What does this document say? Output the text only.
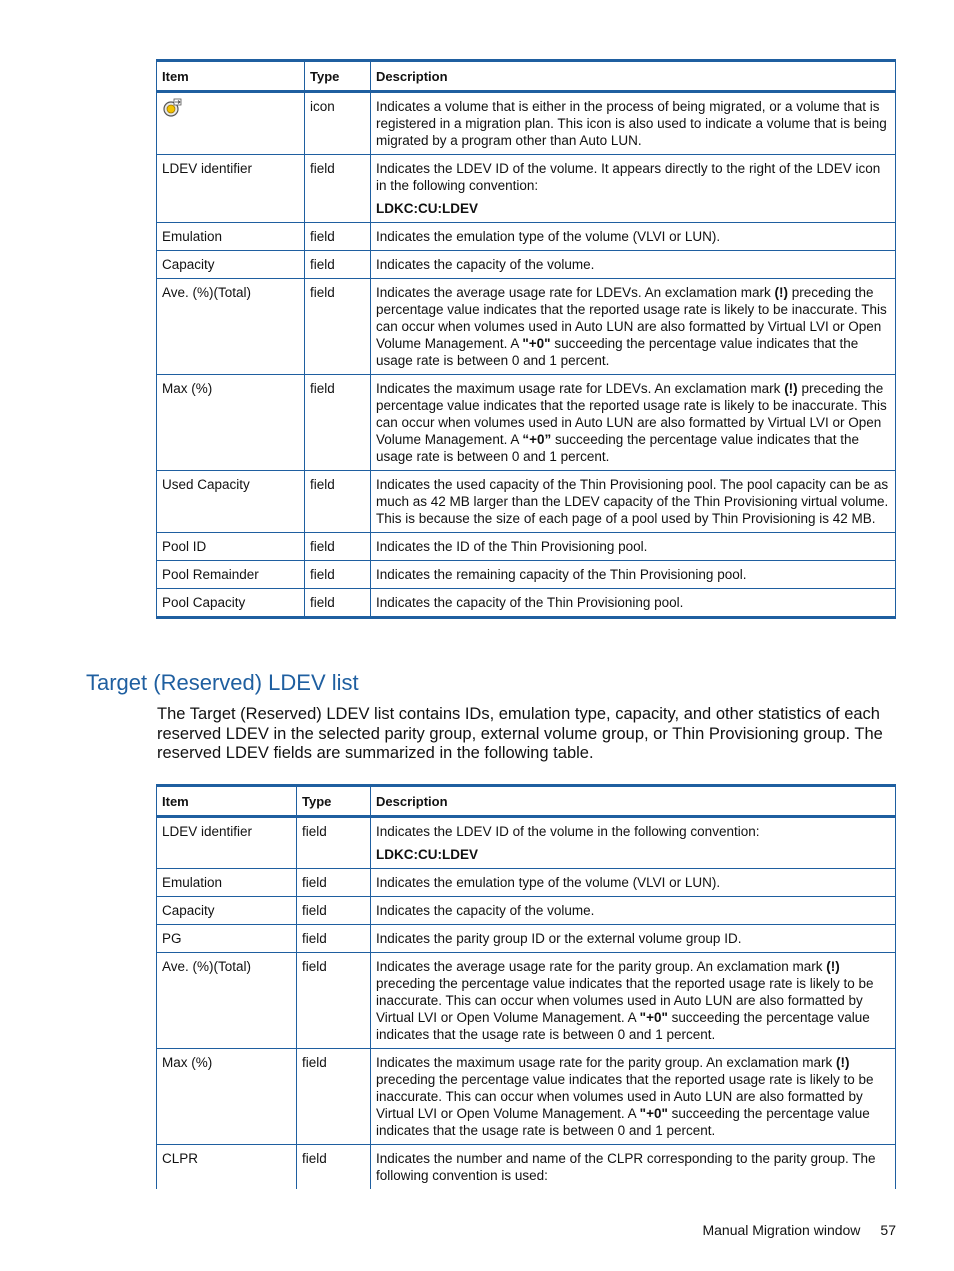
Item	Type	Description
	icon	Indicates a volume that is either in the process of being migrated, or a volume that is registered in a migration plan. This icon is also used to indicate a volume that is being migrated by a program other than Auto LUN.
LDEV identifier	field	Indicates the LDEV ID of the volume. It appears directly to the right of the LDEV icon in the following convention:
LDKC:CU:LDEV

Emulation	field	Indicates the emulation type of the volume (VLVI or LUN).
Capacity	field	Indicates the capacity of the volume.
Ave. (%)(Total)	field	Indicates the average usage rate for LDEVs. An exclamation mark (!) preceding the percentage value indicates that the reported usage rate is likely to be inaccurate. This can occur when volumes used in Auto LUN are also formatted by Virtual LVI or Open Volume Management. A "+0" succeeding the percentage value indicates that the usage rate is between 0 and 1 percent.
Max (%)	field	Indicates the maximum usage rate for LDEVs. An exclamation mark (!) preceding the percentage value indicates that the reported usage rate is likely to be inaccurate. This can occur when volumes used in Auto LUN are also formatted by Virtual LVI or Open Volume Management. A “+0” succeeding the percentage value indicates that the usage rate is between 0 and 1 percent.
Used Capacity	field	Indicates the used capacity of the Thin Provisioning pool. The pool capacity can be as much as 42 MB larger than the LDEV capacity of the Thin Provisioning virtual volume. This is because the size of each page of a pool used by Thin Provisioning is 42 MB.
Pool ID	field	Indicates the ID of the Thin Provisioning pool.
Pool Remainder	field	Indicates the remaining capacity of the Thin Provisioning pool.
Pool Capacity	field	Indicates the capacity of the Thin Provisioning pool.
Target (Reserved) LDEV list

The Target (Reserved) LDEV list contains IDs, emulation type, capacity, and other statistics of each reserved LDEV in the selected parity group, external volume group, or Thin Provisioning group. The reserved LDEV fields are summarized in the following table.

Item	Type	Description
LDEV identifier	field	Indicates the LDEV ID of the volume in the following convention:
LDKC:CU:LDEV

Emulation	field	Indicates the emulation type of the volume (VLVI or LUN).
Capacity	field	Indicates the capacity of the volume.
PG	field	Indicates the parity group ID or the external volume group ID.
Ave. (%)(Total)	field	Indicates the average usage rate for the parity group. An exclamation mark (!) preceding the percentage value indicates that the reported usage rate is likely to be inaccurate. This can occur when volumes used in Auto LUN are also formatted by Virtual LVI or Open Volume Management. A "+0" succeeding the percentage value indicates that the usage rate is between 0 and 1 percent.
Max (%)	field	Indicates the maximum usage rate for the parity group. An exclamation mark (!) preceding the percentage value indicates that the reported usage rate is likely to be inaccurate. This can occur when volumes used in Auto LUN are also formatted by Virtual LVI or Open Volume Management. A "+0" succeeding the percentage value indicates that the usage rate is between 0 and 1 percent.
CLPR	field	Indicates the number and name of the CLPR corresponding to the parity group. The following convention is used:
Manual Migration window 57
